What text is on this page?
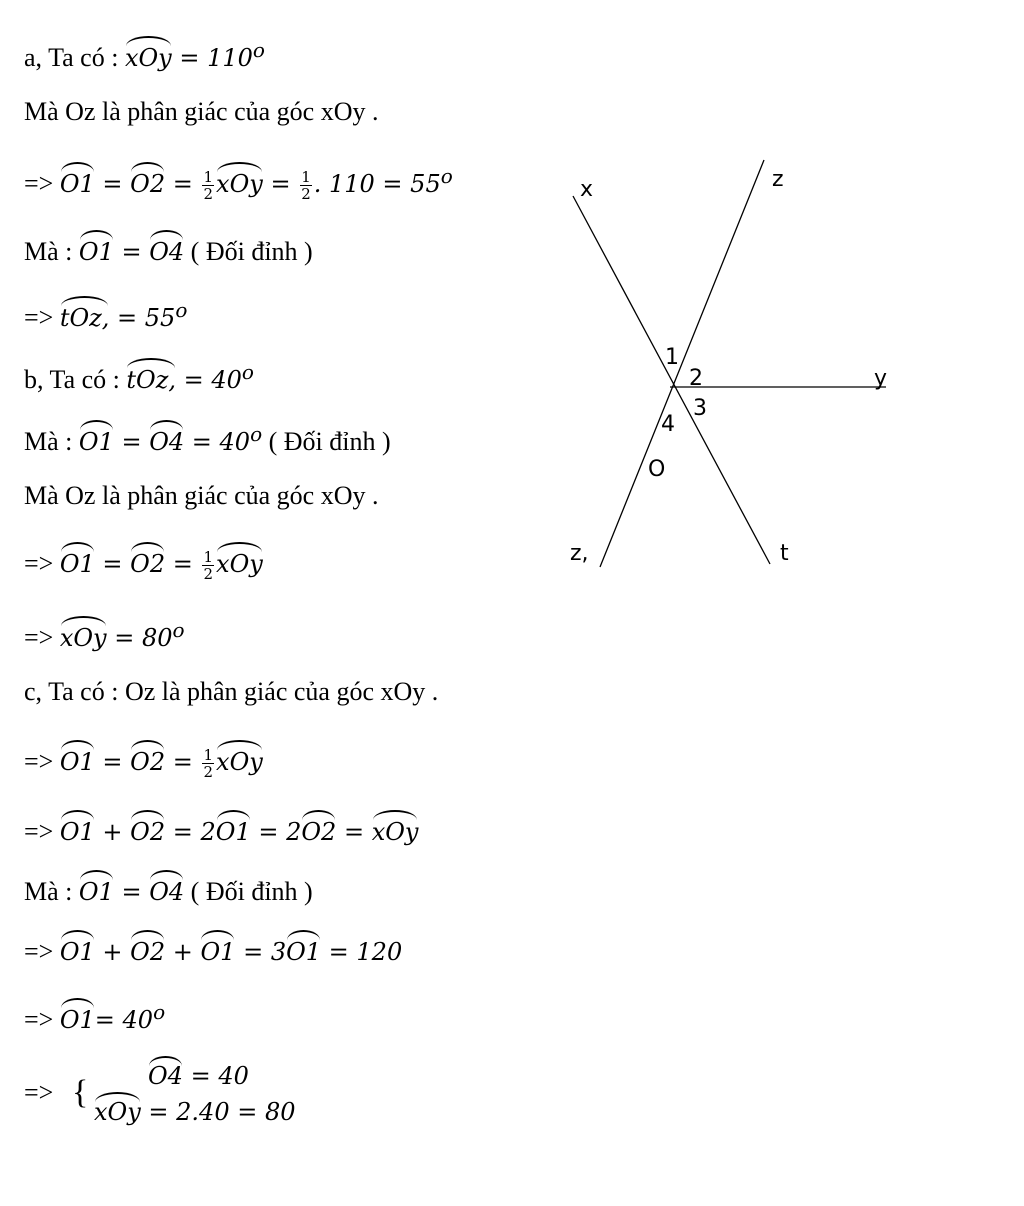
a, Ta có : xOy = $110^o$
Mà Oz là phân giác của góc xOy .
=> $O1 = O2 = \frac{1}{2}$ xOy = $\frac{1}{2}$ . $110 = 55^o$
Mà : O1 = O4 ( Đối đỉnh )
=> tOz, = $55^o$
b, Ta có : tOz, = $40^o$
Mà : $O1 = O4 = 40^o$ ( Đối đỉnh )
Mà Oz là phân giác của góc xOy .
=> $O1 = O2 = \frac{1}{2}$ xOy
=> xOy = $80^o$
c, Ta có : Oz là phân giác của góc xOy .
=> $O1 = O2 = \frac{1}{2}$ xOy
=> O1 + O2 = 2O1 = 2O2 = xOy
Mà : O1 = O4 ( Đối đỉnh )
=> O1 + O2 + O1 = 3O1 = 120
=> $O1= 40^o$
=> { O4 = 40
xOy = 2.40 = 80
x	z
y
t
z,
O
1
2
3
4
